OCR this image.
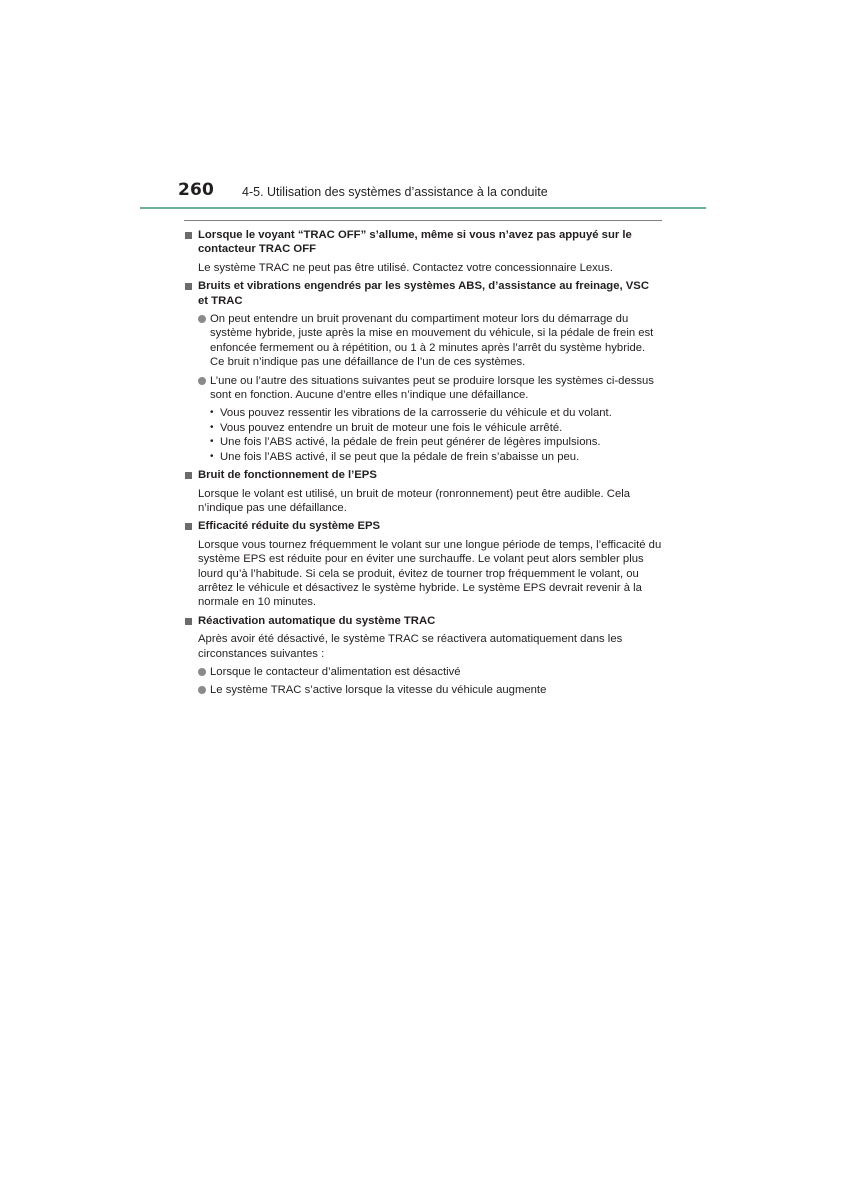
260 4-5. Utilisation des systèmes d’assistance à la conduite
Lorsque le voyant “TRAC OFF” s’allume, même si vous n’avez pas appuyé sur le contacteur TRAC OFF
Le système TRAC ne peut pas être utilisé. Contactez votre concessionnaire Lexus.
Bruits et vibrations engendrés par les systèmes ABS, d’assistance au freinage, VSC et TRAC
On peut entendre un bruit provenant du compartiment moteur lors du démarrage du système hybride, juste après la mise en mouvement du véhicule, si la pédale de frein est enfoncée fermement ou à répétition, ou 1 à 2 minutes après l’arrêt du système hybride. Ce bruit n’indique pas une défaillance de l’un de ces systèmes.
L’une ou l’autre des situations suivantes peut se produire lorsque les systèmes ci-dessus sont en fonction. Aucune d’entre elles n’indique une défaillance.
• Vous pouvez ressentir les vibrations de la carrosserie du véhicule et du volant.
• Vous pouvez entendre un bruit de moteur une fois le véhicule arrêté.
• Une fois l’ABS activé, la pédale de frein peut générer de légères impulsions.
• Une fois l’ABS activé, il se peut que la pédale de frein s’abaisse un peu.
Bruit de fonctionnement de l’EPS
Lorsque le volant est utilisé, un bruit de moteur (ronronnement) peut être audible. Cela n’indique pas une défaillance.
Efficacité réduite du système EPS
Lorsque vous tournez fréquemment le volant sur une longue période de temps, l’efficacité du système EPS est réduite pour en éviter une surchauffe. Le volant peut alors sembler plus lourd qu’à l’habitude. Si cela se produit, évitez de tourner trop fréquemment le volant, ou arrêtez le véhicule et désactivez le système hybride. Le système EPS devrait revenir à la normale en 10 minutes.
Réactivation automatique du système TRAC
Après avoir été désactivé, le système TRAC se réactivera automatiquement dans les circonstances suivantes :
Lorsque le contacteur d’alimentation est désactivé
Le système TRAC s’active lorsque la vitesse du véhicule augmente
